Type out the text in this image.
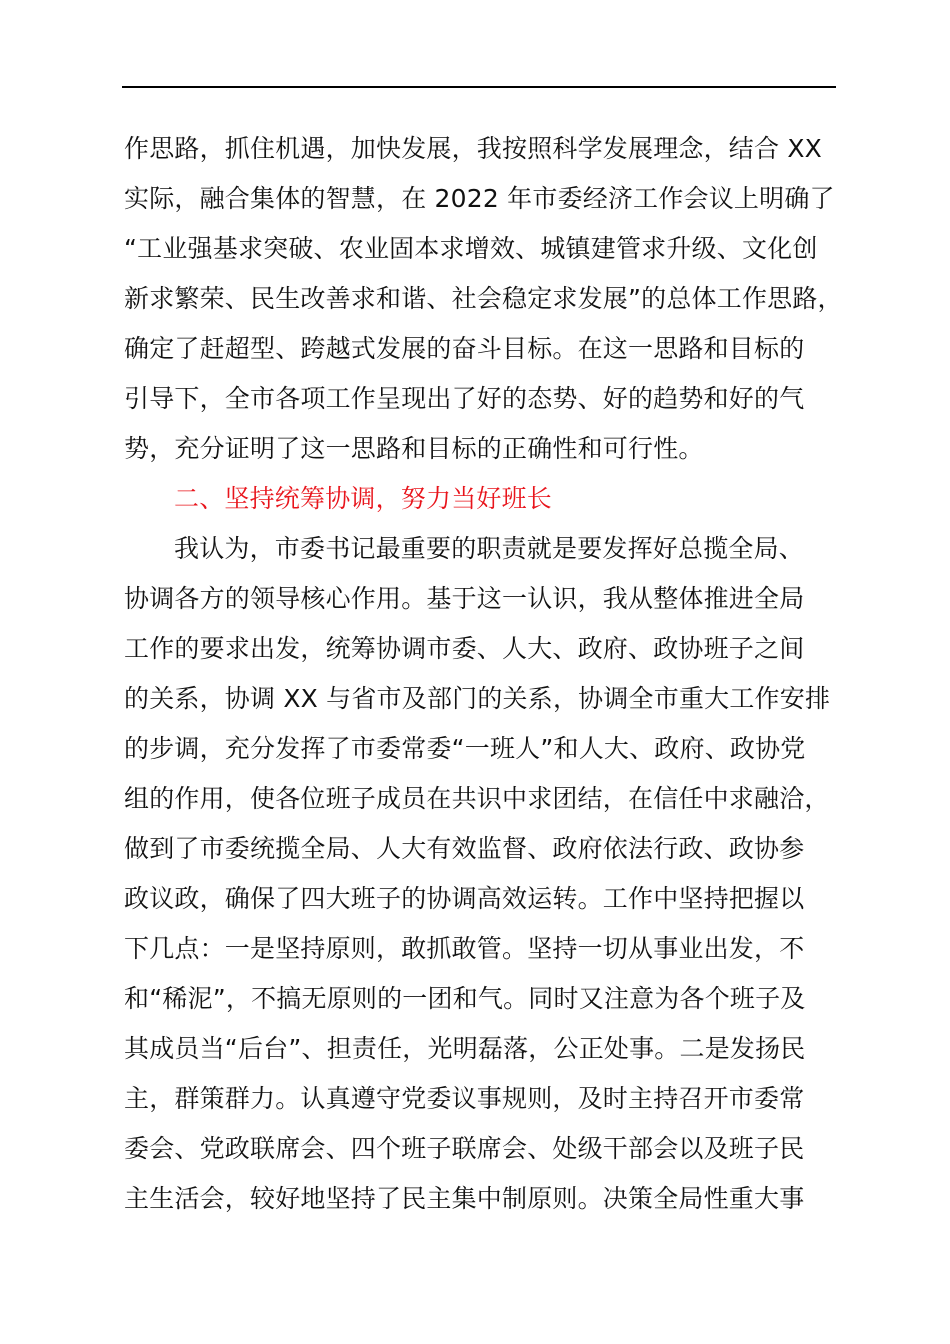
作思路，抓住机遇，加快发展，我按照科学发展理念，结合 XX
实际，融合集体的智慧，在 2022 年市委经济工作会议上明确了
“工业强基求突破、农业固本求增效、城镇建管求升级、文化创
新求繁荣、民生改善求和谐、社会稳定求发展”的总体工作思路，
确定了赶超型、跨越式发展的奋斗目标。在这一思路和目标的
引导下，全市各项工作呈现出了好的态势、好的趋势和好的气
势，充分证明了这一思路和目标的正确性和可行性。
二、坚持统筹协调，努力当好班长
我认为，市委书记最重要的职责就是要发挥好总揽全局、
协调各方的领导核心作用。基于这一认识，我从整体推进全局
工作的要求出发，统筹协调市委、人大、政府、政协班子之间
的关系，协调 XX 与省市及部门的关系，协调全市重大工作安排
的步调，充分发挥了市委常委“一班人”和人大、政府、政协党
组的作用，使各位班子成员在共识中求团结，在信任中求融洽，
做到了市委统揽全局、人大有效监督、政府依法行政、政协参
政议政，确保了四大班子的协调高效运转。工作中坚持把握以
下几点：一是坚持原则，敢抓敢管。坚持一切从事业出发，不
和“稀泥”，不搞无原则的一团和气。同时又注意为各个班子及
其成员当“后台”、担责任，光明磊落，公正处事。二是发扬民
主，群策群力。认真遵守党委议事规则，及时主持召开市委常
委会、党政联席会、四个班子联席会、处级干部会以及班子民
主生活会，较好地坚持了民主集中制原则。决策全局性重大事
